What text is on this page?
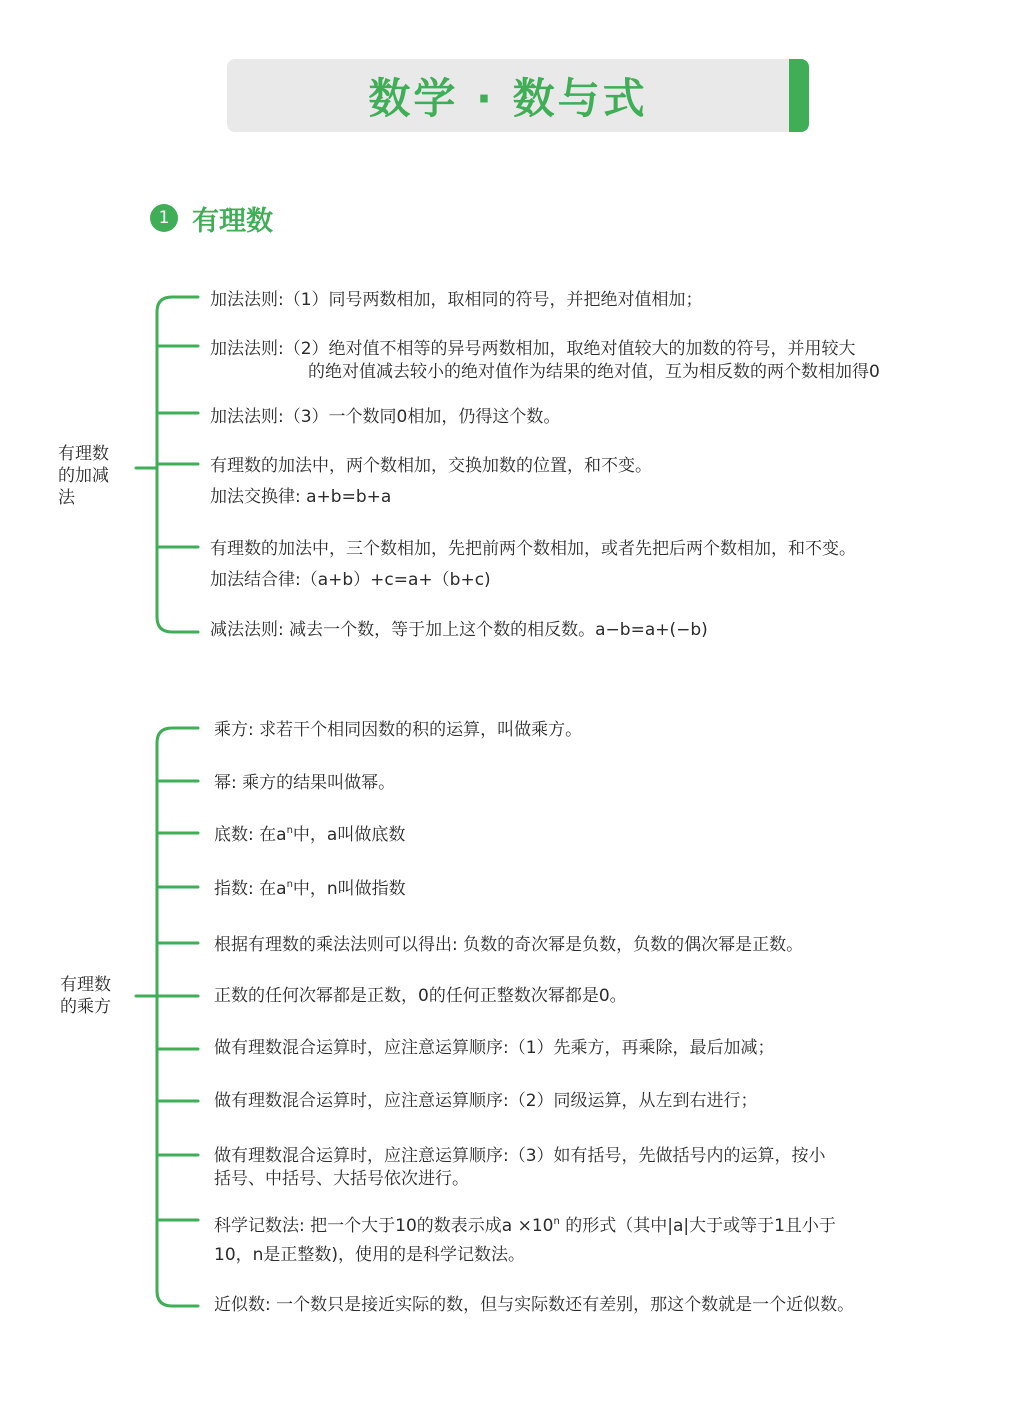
数学 · 数与式
1 有理数
有理数
的加减
法
加法法则:（1）同号两数相加，取相同的符号，并把绝对值相加；
加法法则:（2）绝对值不相等的异号两数相加，取绝对值较大的加数的符号，并用较大
的绝对值减去较小的绝对值作为结果的绝对值，互为相反数的两个数相加得0
加法法则:（3）一个数同0相加，仍得这个数。
有理数的加法中，两个数相加，交换加数的位置，和不变。
加法交换律: a+b=b+a
有理数的加法中，三个数相加，先把前两个数相加，或者先把后两个数相加，和不变。
加法结合律:（a+b）+c=a+（b+c)
减法法则: 减去一个数，等于加上这个数的相反数。a−b=a+(−b)
有理数
的乘方
乘方: 求若干个相同因数的积的运算，叫做乘方。
幂: 乘方的结果叫做幂。
底数: 在$a^n$中，a叫做底数
指数: 在$a^n$中，n叫做指数
根据有理数的乘法法则可以得出: 负数的奇次幂是负数，负数的偶次幂是正数。
正数的任何次幂都是正数，0的任何正整数次幂都是0。
做有理数混合运算时，应注意运算顺序:（1）先乘方，再乘除，最后加减；
做有理数混合运算时，应注意运算顺序:（2）同级运算，从左到右进行；
做有理数混合运算时，应注意运算顺序:（3）如有括号，先做括号内的运算，按小
括号、中括号、大括号依次进行。
科学记数法: 把一个大于10的数表示成$a \times 10^n$ 的形式（其中|a|大于或等于1且小于
10，n是正整数)，使用的是科学记数法。
近似数: 一个数只是接近实际的数，但与实际数还有差别，那这个数就是一个近似数。
